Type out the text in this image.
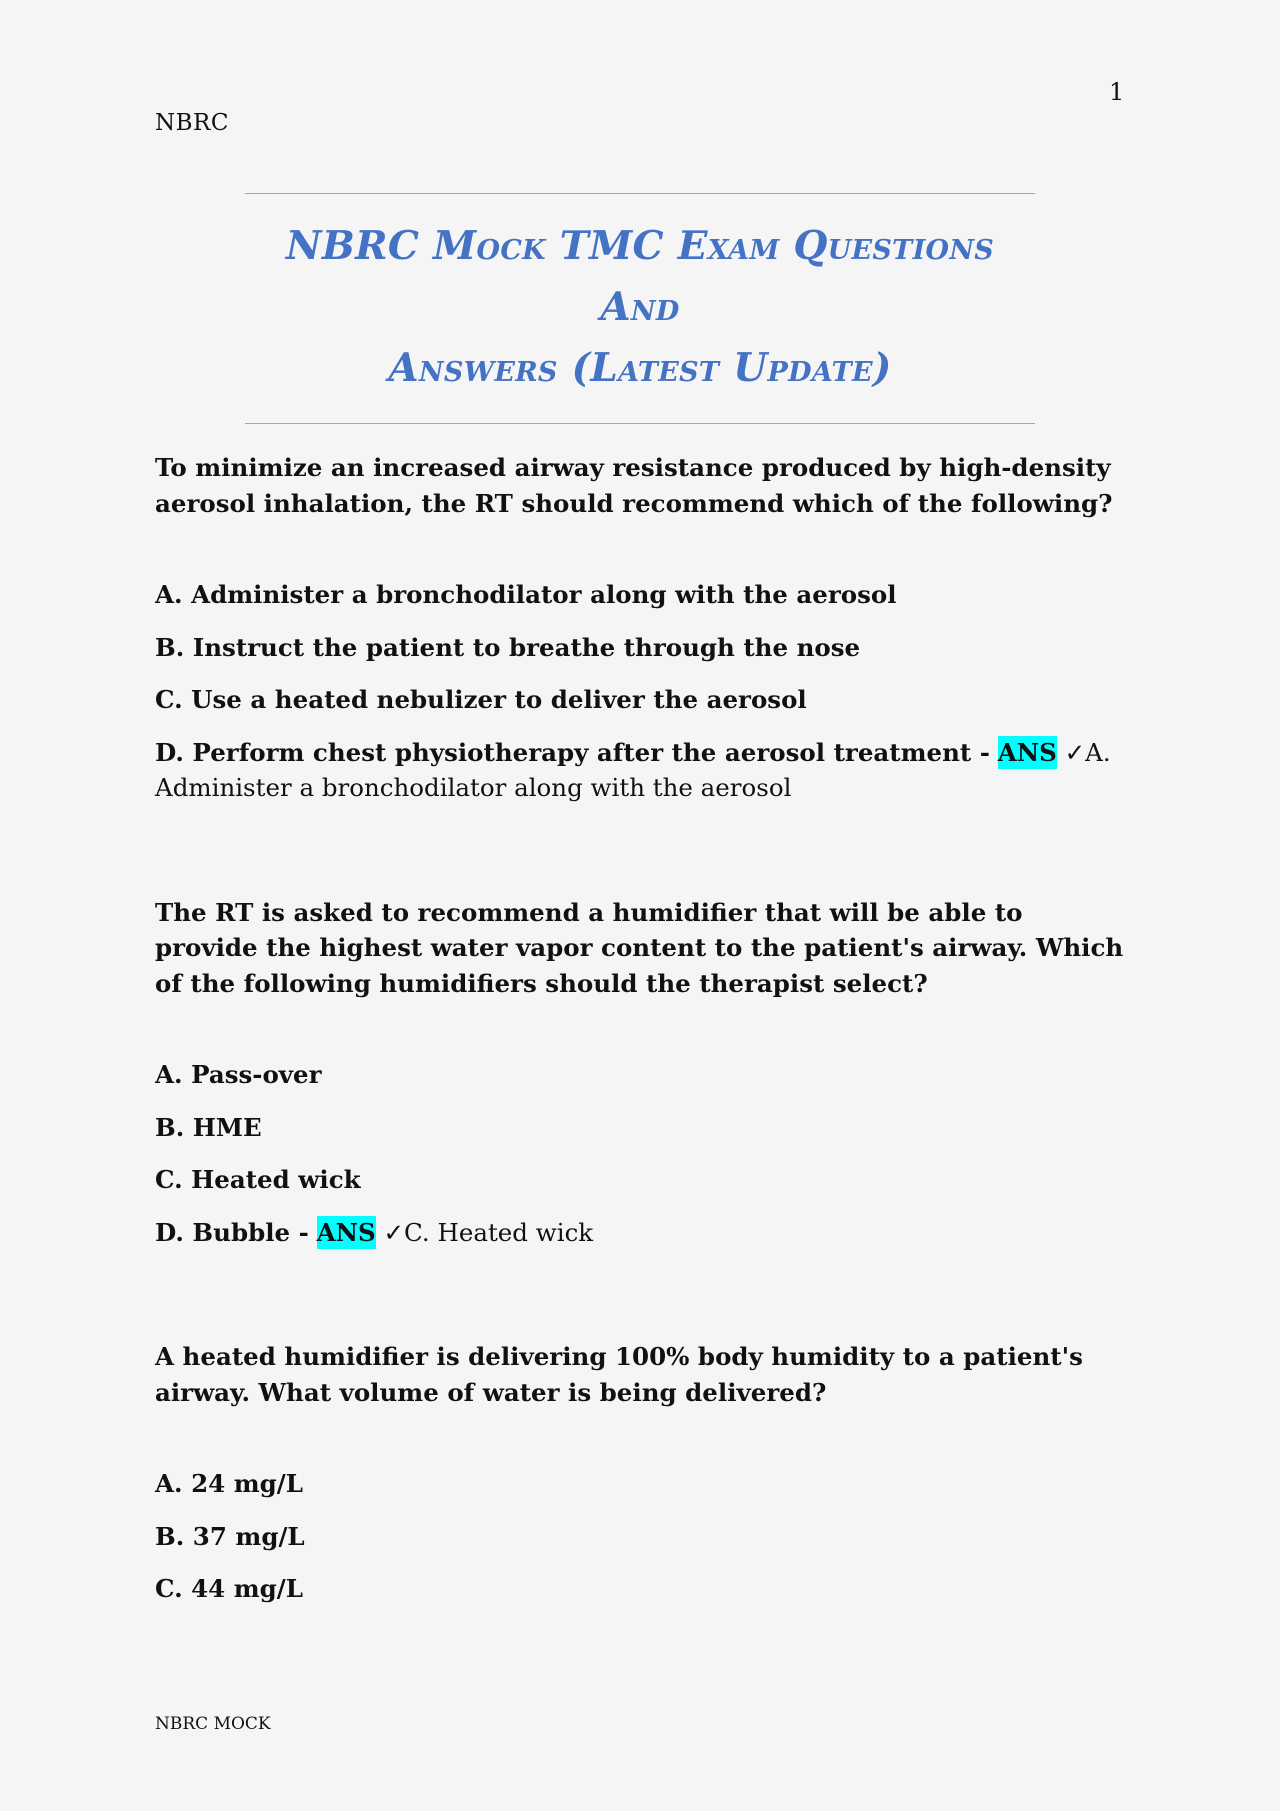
1
NBRC
NBRC Mock TMC Exam Questions And
Answers (Latest Update)

To minimize an increased airway resistance produced by high-density aerosol inhalation, the RT should recommend which of the following?

A. Administer a bronchodilator along with the aerosol
B. Instruct the patient to breathe through the nose
C. Use a heated nebulizer to deliver the aerosol
D. Perform chest physiotherapy after the aerosol treatment - ANS ✓A. Administer a bronchodilator along with the aerosol

The RT is asked to recommend a humidifier that will be able to provide the highest water vapor content to the patient's airway. Which of the following humidifiers should the therapist select?

A. Pass-over
B. HME
C. Heated wick
D. Bubble - ANS ✓C. Heated wick

A heated humidifier is delivering 100% body humidity to a patient's airway. What volume of water is being delivered?

A. 24 mg/L
B. 37 mg/L
C. 44 mg/L
NBRC MOCK
